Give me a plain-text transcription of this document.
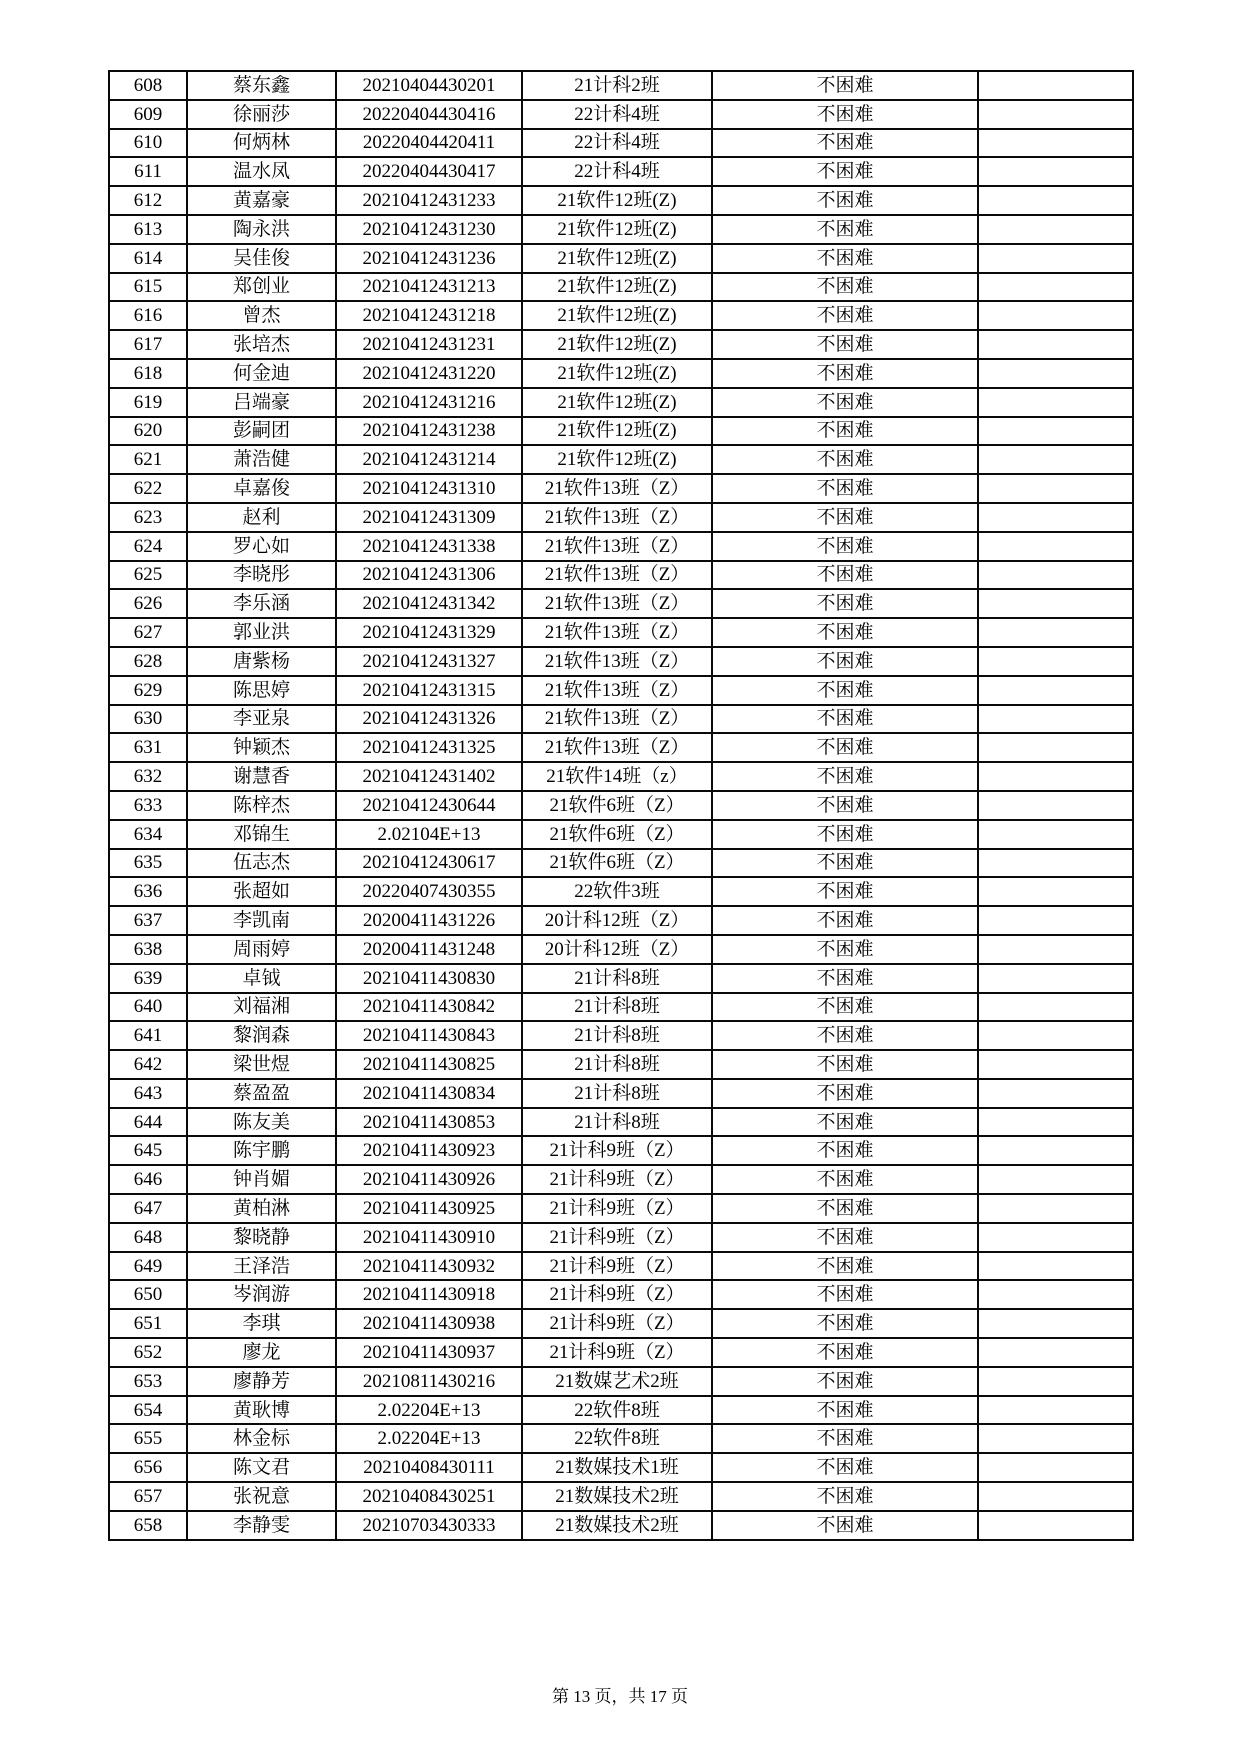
608	蔡东鑫	20210404430201	21计科2班	不困难	
609	徐丽莎	20220404430416	22计科4班	不困难	
610	何炳林	20220404420411	22计科4班	不困难	
611	温水凤	20220404430417	22计科4班	不困难	
612	黄嘉豪	20210412431233	21软件12班(Z)	不困难	
613	陶永洪	20210412431230	21软件12班(Z)	不困难	
614	吴佳俊	20210412431236	21软件12班(Z)	不困难	
615	郑创业	20210412431213	21软件12班(Z)	不困难	
616	曾杰	20210412431218	21软件12班(Z)	不困难	
617	张培杰	20210412431231	21软件12班(Z)	不困难	
618	何金迪	20210412431220	21软件12班(Z)	不困难	
619	吕端豪	20210412431216	21软件12班(Z)	不困难	
620	彭嗣团	20210412431238	21软件12班(Z)	不困难	
621	萧浩健	20210412431214	21软件12班(Z)	不困难	
622	卓嘉俊	20210412431310	21软件13班（Z）	不困难	
623	赵利	20210412431309	21软件13班（Z）	不困难	
624	罗心如	20210412431338	21软件13班（Z）	不困难	
625	李晓彤	20210412431306	21软件13班（Z）	不困难	
626	李乐涵	20210412431342	21软件13班（Z）	不困难	
627	郭业洪	20210412431329	21软件13班（Z）	不困难	
628	唐紫杨	20210412431327	21软件13班（Z）	不困难	
629	陈思婷	20210412431315	21软件13班（Z）	不困难	
630	李亚泉	20210412431326	21软件13班（Z）	不困难	
631	钟颖杰	20210412431325	21软件13班（Z）	不困难	
632	谢慧香	20210412431402	21软件14班（z）	不困难	
633	陈梓杰	20210412430644	21软件6班（Z）	不困难	
634	邓锦生	2.02104E+13	21软件6班（Z）	不困难	
635	伍志杰	20210412430617	21软件6班（Z）	不困难	
636	张超如	20220407430355	22软件3班	不困难	
637	李凯南	20200411431226	20计科12班（Z）	不困难	
638	周雨婷	20200411431248	20计科12班（Z）	不困难	
639	卓钺	20210411430830	21计科8班	不困难	
640	刘福湘	20210411430842	21计科8班	不困难	
641	黎润森	20210411430843	21计科8班	不困难	
642	梁世煜	20210411430825	21计科8班	不困难	
643	蔡盈盈	20210411430834	21计科8班	不困难	
644	陈友美	20210411430853	21计科8班	不困难	
645	陈宇鹏	20210411430923	21计科9班（Z）	不困难	
646	钟肖媚	20210411430926	21计科9班（Z）	不困难	
647	黄柏淋	20210411430925	21计科9班（Z）	不困难	
648	黎晓静	20210411430910	21计科9班（Z）	不困难	
649	王泽浩	20210411430932	21计科9班（Z）	不困难	
650	岑润游	20210411430918	21计科9班（Z）	不困难	
651	李琪	20210411430938	21计科9班（Z）	不困难	
652	廖龙	20210411430937	21计科9班（Z）	不困难	
653	廖静芳	20210811430216	21数媒艺术2班	不困难	
654	黄耿博	2.02204E+13	22软件8班	不困难	
655	林金标	2.02204E+13	22软件8班	不困难	
656	陈文君	20210408430111	21数媒技术1班	不困难	
657	张祝意	20210408430251	21数媒技术2班	不困难	
658	李静雯	20210703430333	21数媒技术2班	不困难	
第 13 页，共 17 页
